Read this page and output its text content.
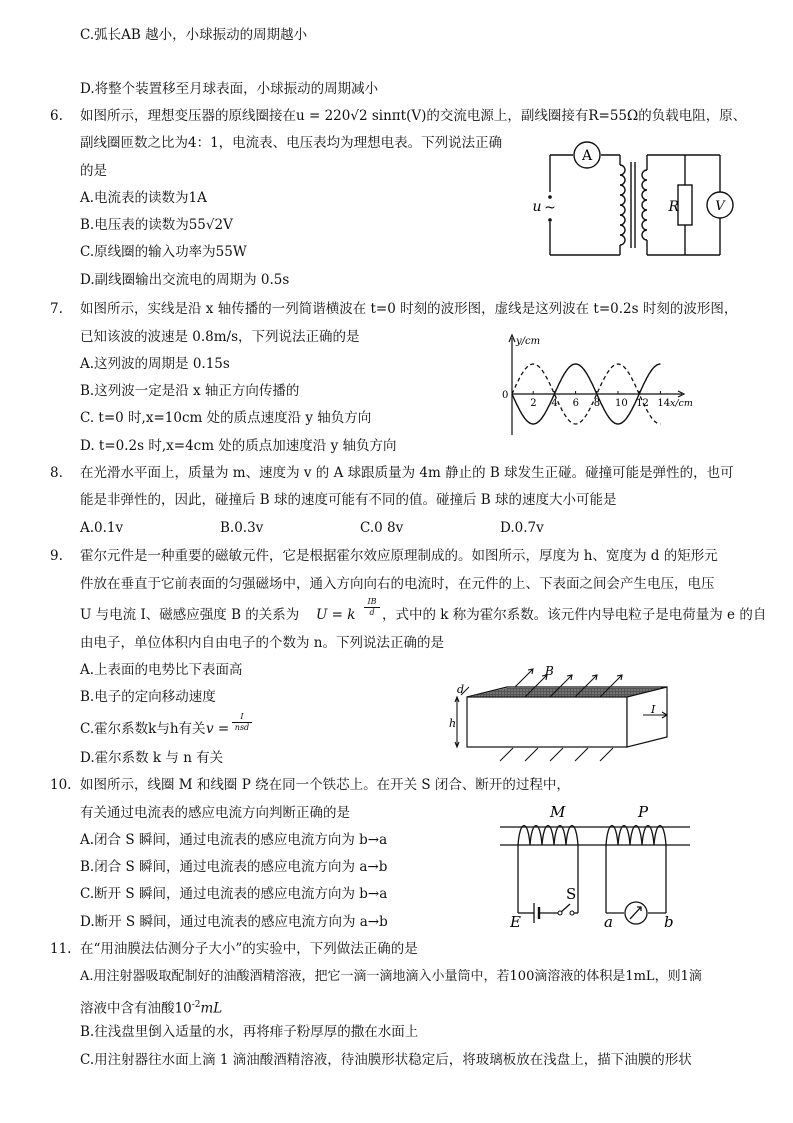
C.弧长AB 越小，小球振动的周期越小
D.将整个装置移至月球表面，小球振动的周期减小
6. 如图所示，理想变压器的原线圈接在u = 220√2 sinπt(V)的交流电源上，副线圈接有R=55Ω的负载电阻，原、
副线圈匝数之比为4：1，电流表、电压表均为理想电表。下列说法正确
的是
A.电流表的读数为1A
B.电压表的读数为55√2V
C.原线圈的输入功率为55W
D.副线圈输出交流电的周期为 0.5s
A
V
R
u ~
7. 如图所示，实线是沿 x 轴传播的一列简谐横波在 t=0 时刻的波形图，虚线是这列波在 t=0.2s 时刻的波形图，
已知该波的波速是 0.8m/s，下列说法正确的是
A.这列波的周期是 0.15s
B.这列波一定是沿 x 轴正方向传播的
C. t=0 时,x=10cm 处的质点速度沿 y 轴负方向
D. t=0.2s 时,x=4cm 处的质点加速度沿 y 轴负方向
2 4 6 8 10 12 14
y/cm
x/cm
0
8. 在光滑水平面上，质量为 m、速度为 v 的 A 球跟质量为 4m 静止的 B 球发生正碰。碰撞可能是弹性的，也可
能是非弹性的，因此，碰撞后 B 球的速度可能有不同的值。碰撞后 B 球的速度大小可能是
A.0.1v	B.0.3v	C.0 8v	D.0.7v
9. 霍尔元件是一种重要的磁敏元件，它是根据霍尔效应原理制成的。如图所示，厚度为 h、宽度为 d 的矩形元
件放在垂直于它前表面的匀强磁场中，通入方向向右的电流时，在元件的上、下表面之间会产生电压，电压
U 与电流 I、磁感应强度 B 的关系为 U = k $\frac{IB}{d}$ ，式中的 k 称为霍尔系数。该元件内导电粒子是电荷量为 e 的自
由电子，单位体积内自由电子的个数为 n。下列说法正确的是
A.上表面的电势比下表面高
B.电子的定向移动速度
C.霍尔系数k与h有关 v =
I
nsd
D.霍尔系数 k 与 n 有关
B
I
d
h
10. 如图所示，线圈 M 和线圈 P 绕在同一个铁芯上。在开关 S 闭合、断开的过程中，
有关通过电流表的感应电流方向判断正确的是
A.闭合 S 瞬间，通过电流表的感应电流方向为 b→a
B.闭合 S 瞬间，通过电流表的感应电流方向为 a→b
C.断开 S 瞬间，通过电流表的感应电流方向为 b→a
D.断开 S 瞬间，通过电流表的感应电流方向为 a→b
M	P
S
E	a	b
11. 在“用油膜法估测分子大小”的实验中，下列做法正确的是
A.用注射器吸取配制好的油酸酒精溶液，把它一滴一滴地滴入小量筒中，若100滴溶液的体积是1mL，则1滴
溶液中含有油酸$10^{-2}mL$
B.往浅盘里倒入适量的水，再将痱子粉厚厚的撒在水面上
C.用注射器往水面上滴 1 滴油酸酒精溶液，待油膜形状稳定后，将玻璃板放在浅盘上，描下油膜的形状
